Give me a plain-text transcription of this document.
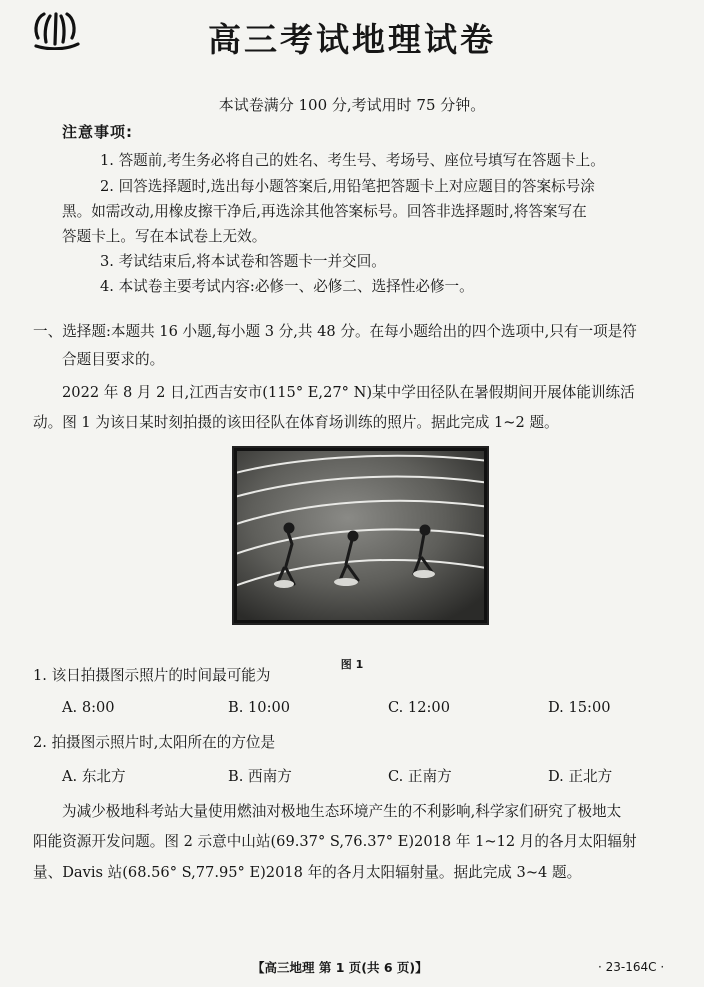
高三考试地理试卷
本试卷满分 100 分,考试用时 75 分钟。
注意事项:
1. 答题前,考生务必将自己的姓名、考生号、考场号、座位号填写在答题卡上。
2. 回答选择题时,选出每小题答案后,用铅笔把答题卡上对应题目的答案标号涂
黑。如需改动,用橡皮擦干净后,再选涂其他答案标号。回答非选择题时,将答案写在
答题卡上。写在本试卷上无效。
3. 考试结束后,将本试卷和答题卡一并交回。
4. 本试卷主要考试内容:必修一、必修二、选择性必修一。
一、选择题:本题共 16 小题,每小题 3 分,共 48 分。在每小题给出的四个选项中,只有一项是符
合题目要求的。
2022 年 8 月 2 日,江西吉安市(115° E,27° N)某中学田径队在暑假期间开展体能训练活
动。图 1 为该日某时刻拍摄的该田径队在体育场训练的照片。据此完成 1~2 题。
图 1
1. 该日拍摄图示照片的时间最可能为
A. 8:00	B. 10:00	C. 12:00	D. 15:00
2. 拍摄图示照片时,太阳所在的方位是
A. 东北方	B. 西南方	C. 正南方	D. 正北方
为减少极地科考站大量使用燃油对极地生态环境产生的不利影响,科学家们研究了极地太
阳能资源开发问题。图 2 示意中山站(69.37° S,76.37° E)2018 年 1~12 月的各月太阳辐射
量、Davis 站(68.56° S,77.95° E)2018 年的各月太阳辐射量。据此完成 3~4 题。
【高三地理 第 1 页(共 6 页)】	· 23-164C ·
